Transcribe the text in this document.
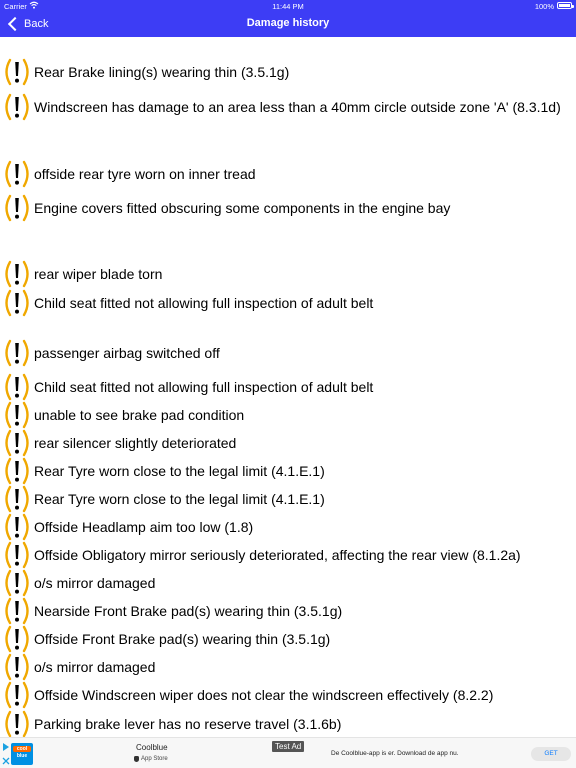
Carrier	11:44 PM	100%
Back	Damage history
Rear Brake lining(s) wearing thin (3.5.1g)
Windscreen has damage to an area less than a 40mm circle outside zone 'A' (8.3.1d)
offside rear tyre worn on inner tread
Engine covers fitted obscuring some components in the engine bay
rear wiper blade torn
Child seat fitted not allowing full inspection of adult belt
passenger airbag switched off
Child seat fitted not allowing full inspection of adult belt
unable to see brake pad condition
rear silencer slightly deteriorated
Rear Tyre worn close to the legal limit (4.1.E.1)
Rear Tyre worn close to the legal limit (4.1.E.1)
Offside Headlamp aim too low (1.8)
Offside Obligatory mirror seriously deteriorated, affecting the rear view (8.1.2a)
o/s mirror damaged
Nearside Front Brake pad(s) wearing thin (3.5.1g)
Offside Front Brake pad(s) wearing thin (3.5.1g)
o/s mirror damaged
Offside Windscreen wiper does not clear the windscreen effectively (8.2.2)
Parking brake lever has no reserve travel (3.1.6b)
cool
blue
Coolblue
App Store
Test Ad
De Coolblue-app is er. Download de app nu.	GET
